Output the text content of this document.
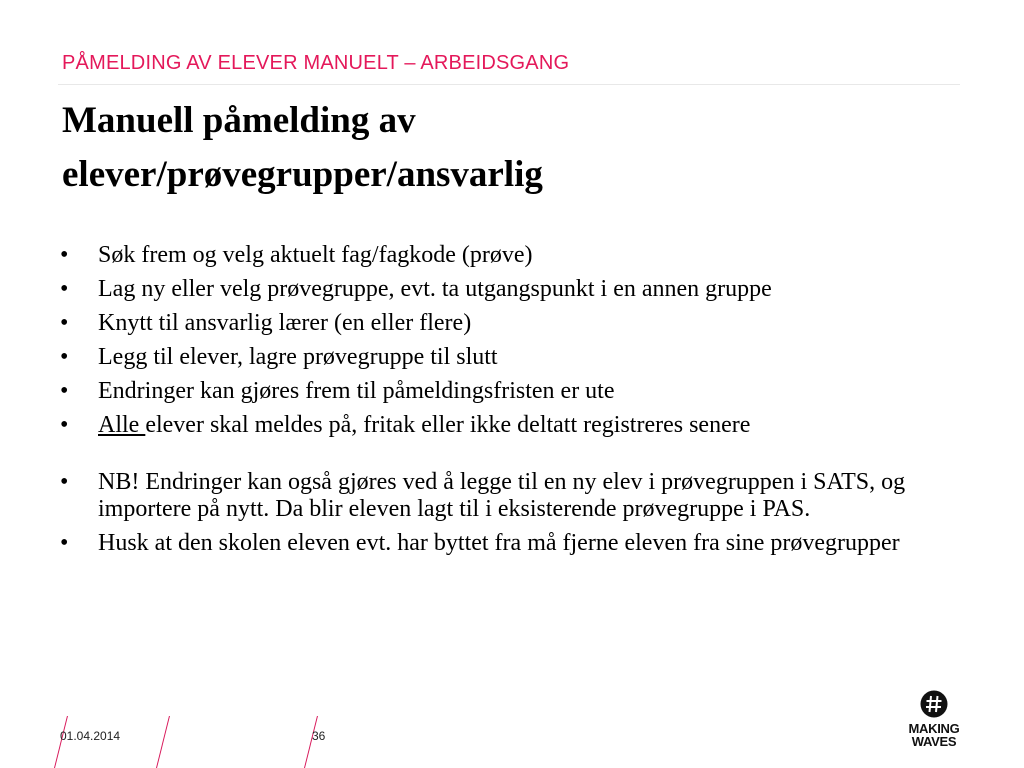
PÅMELDING AV ELEVER MANUELT – ARBEIDSGANG
Manuell påmelding av
elever/prøvegrupper/ansvarlig
•	Søk frem og velg aktuelt fag/fagkode (prøve)
•	Lag ny eller velg prøvegruppe, evt. ta utgangspunkt i en annen gruppe
•	Knytt til ansvarlig lærer (en eller flere)
•	Legg til elever, lagre prøvegruppe til slutt
•	Endringer kan gjøres frem til påmeldingsfristen er ute
•	Alle elever skal meldes på, fritak eller ikke deltatt registreres senere
•	NB! Endringer kan også gjøres ved å legge til en ny elev i prøvegruppen i SATS, og importere på nytt. Da blir eleven lagt til i eksisterende prøvegruppe i PAS.
•	Husk at den skolen eleven evt. har byttet fra må fjerne eleven fra sine prøvegrupper
01.04.2014	36	MAKING
WAVES
